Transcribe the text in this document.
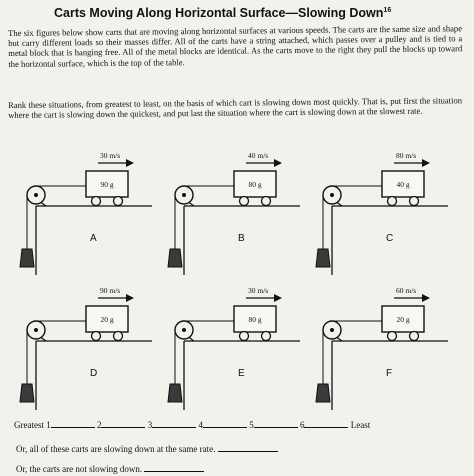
Carts Moving Along Horizontal Surface—Slowing Down$^{16}$
The six figures below show carts that are moving along horizontal surfaces at various speeds. The carts are the same size and shape but carry different loads so their masses differ. All of the carts have a string attached, which passes over a pulley and is tied to a metal block that is hanging free. All of the metal blocks are identical. As the carts move to the right they pull the blocks up toward the horizontal surface, which is the top of the table.
Rank these situations, from greatest to least, on the basis of which cart is slowing down most quickly. That is, put first the situation where the cart is slowing down the quickest, and put last the situation where the cart is slowing down at the slowest rate.
30 m/s
90 g
A
40 m/s
80 g
B
80 m/s
40 g
C
90 m/s
20 g
D
30 m/s
80 g
E
60 m/s
20 g
F
Greatest 1	2	3	4	5	6	Least
Or, all of these carts are slowing down at the same rate.
Or, the carts are not slowing down.
